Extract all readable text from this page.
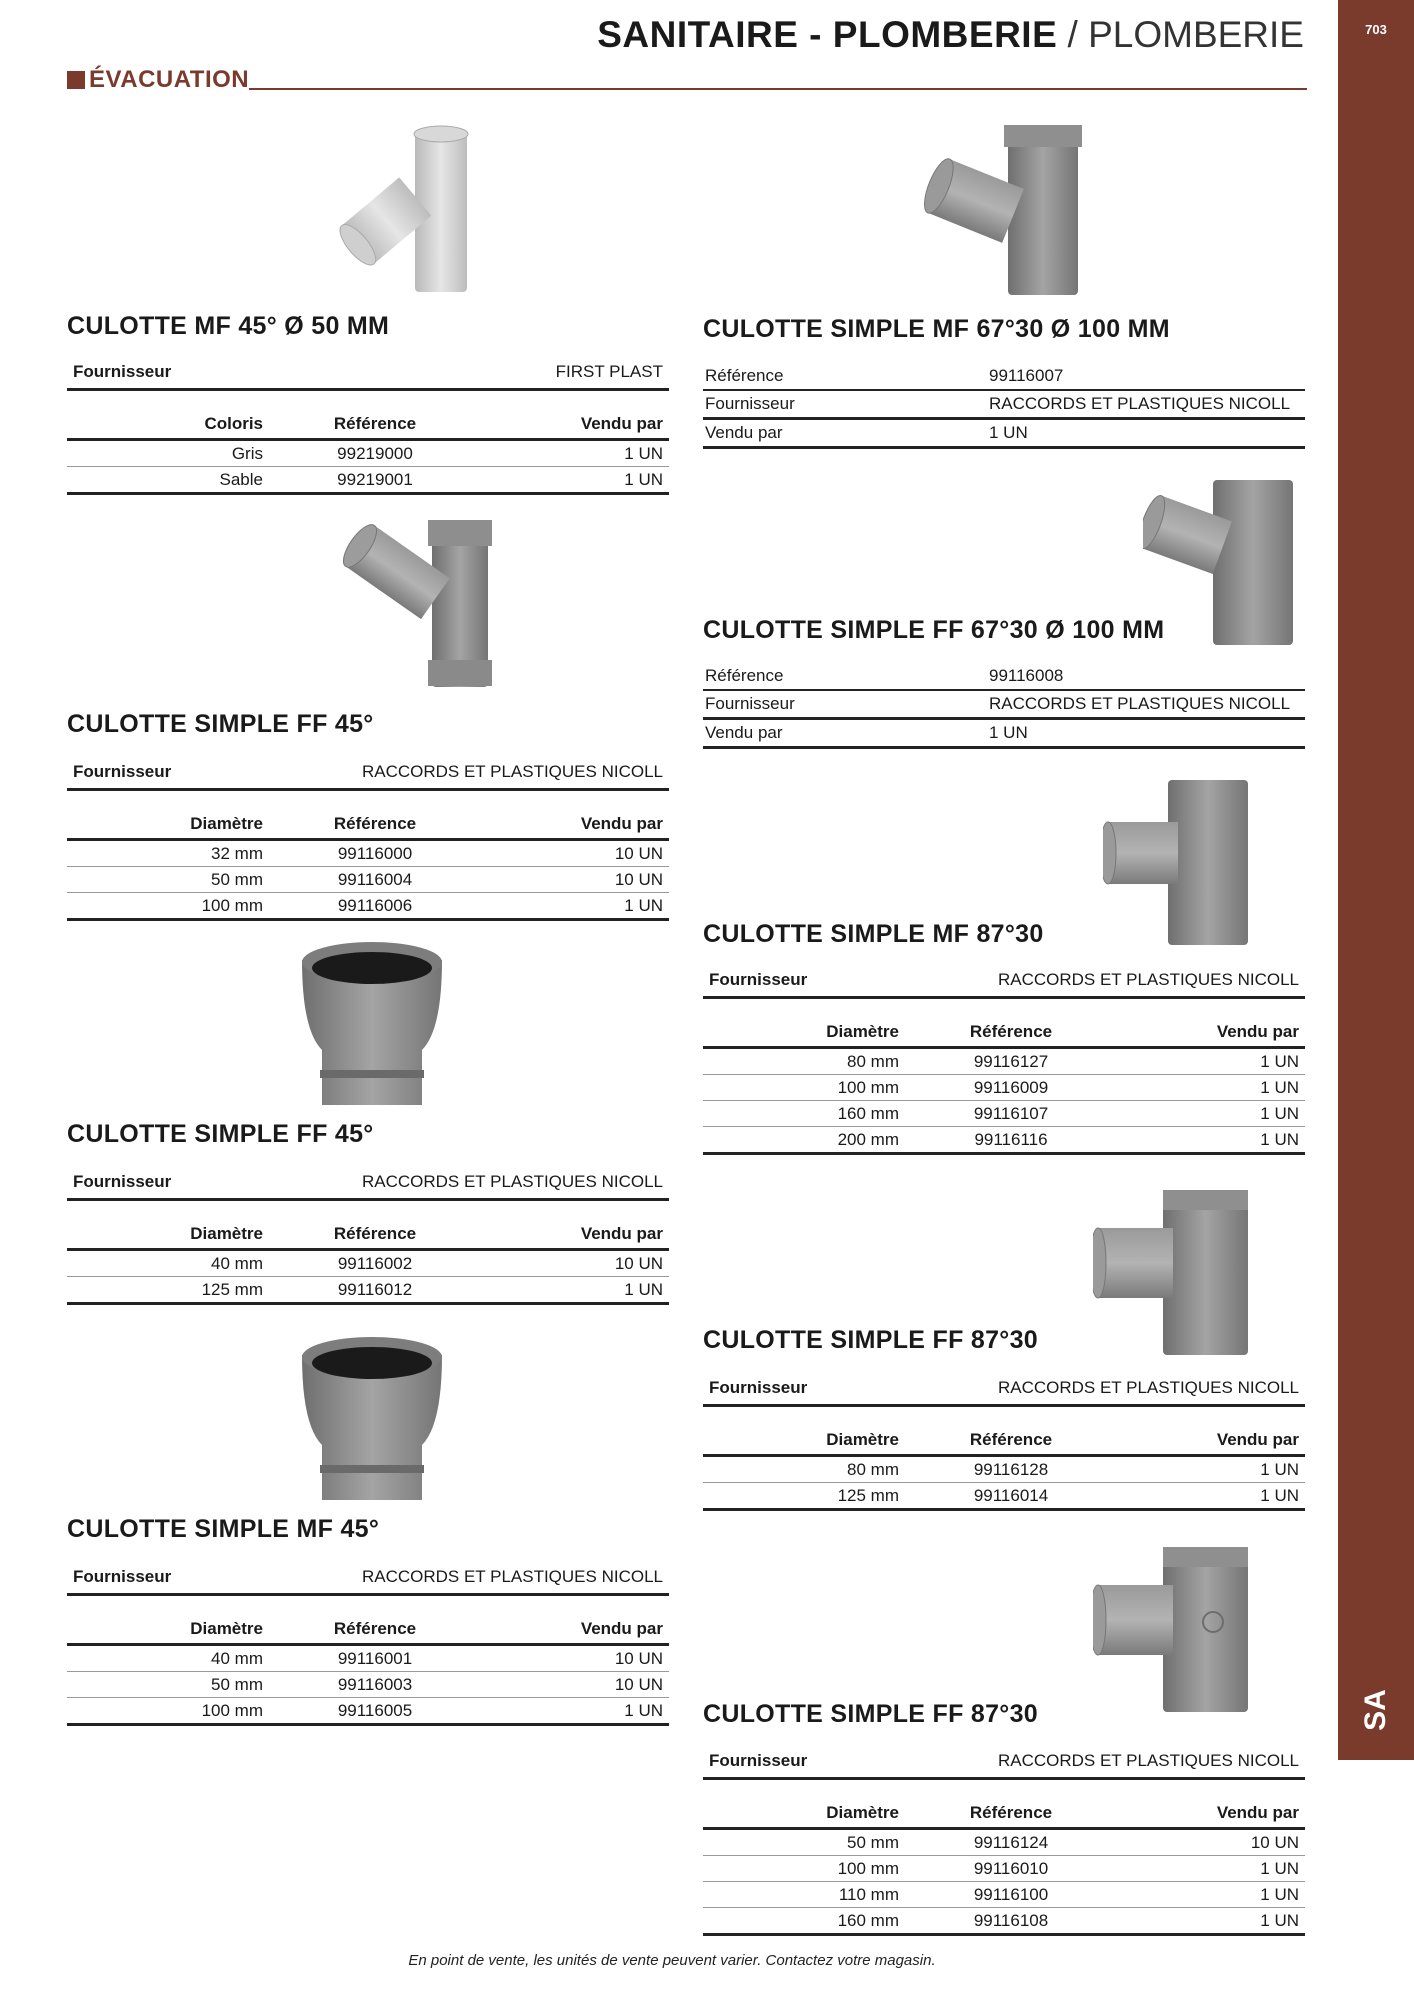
703
SA
SANITAIRE - PLOMBERIE / PLOMBERIE
ÉVACUATION
CULOTTE MF 45° Ø 50 MM
Fournisseur	FIRST PLAST
Coloris	Référence	Vendu par
Gris	99219000	1 UN
Sable	99219001	1 UN
CULOTTE SIMPLE FF 45°
Fournisseur	RACCORDS ET PLASTIQUES NICOLL
Diamètre	Référence	Vendu par
32 mm	99116000	10 UN
50 mm	99116004	10 UN
100 mm	99116006	1 UN
CULOTTE SIMPLE FF 45°
Fournisseur	RACCORDS ET PLASTIQUES NICOLL
Diamètre	Référence	Vendu par
40 mm	99116002	10 UN
125 mm	99116012	1 UN
CULOTTE SIMPLE MF 45°
Fournisseur	RACCORDS ET PLASTIQUES NICOLL
Diamètre	Référence	Vendu par
40 mm	99116001	10 UN
50 mm	99116003	10 UN
100 mm	99116005	1 UN
CULOTTE SIMPLE MF 67°30 Ø 100 MM
Référence	99116007
Fournisseur	RACCORDS ET PLASTIQUES NICOLL
Vendu par	1 UN
CULOTTE SIMPLE FF 67°30 Ø 100 MM
Référence	99116008
Fournisseur	RACCORDS ET PLASTIQUES NICOLL
Vendu par	1 UN
CULOTTE SIMPLE MF 87°30
Fournisseur	RACCORDS ET PLASTIQUES NICOLL
Diamètre	Référence	Vendu par
80 mm	99116127	1 UN
100 mm	99116009	1 UN
160 mm	99116107	1 UN
200 mm	99116116	1 UN
CULOTTE SIMPLE FF 87°30
Fournisseur	RACCORDS ET PLASTIQUES NICOLL
Diamètre	Référence	Vendu par
80 mm	99116128	1 UN
125 mm	99116014	1 UN
CULOTTE SIMPLE FF 87°30
Fournisseur	RACCORDS ET PLASTIQUES NICOLL
Diamètre	Référence	Vendu par
50 mm	99116124	10 UN
100 mm	99116010	1 UN
110 mm	99116100	1 UN
160 mm	99116108	1 UN
En point de vente, les unités de vente peuvent varier. Contactez votre magasin.
